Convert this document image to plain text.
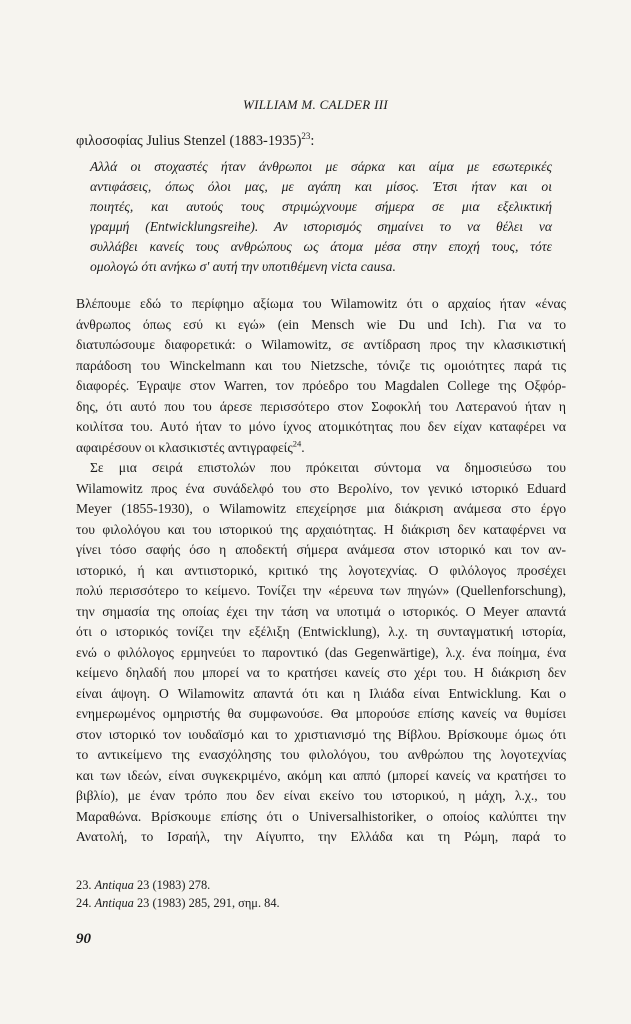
WILLIAM M. CALDER III
φιλοσοφίας Julius Stenzel (1883-1935)$^{23}$:
Αλλά οι στοχαστές ήταν άνθρωποι με σάρκα και αίμα με εσωτερικές
αντιφάσεις, όπως όλοι μας, με αγάπη και μίσος. Έτσι ήταν και οι
ποιητές, και αυτούς τους στριμώχνουμε σήμερα σε μια εξελικτική
γραμμή (Entwicklungsreihe). Αν ιστορισμός σημαίνει το να θέλει να
συλλάβει κανείς τους ανθρώπους ως άτομα μέσα στην εποχή τους, τότε
ομολογώ ότι ανήκω σ' αυτή την υποτιθέμενη victa causa.
Βλέπουμε εδώ το περίφημο αξίωμα του Wilamowitz ότι ο αρχαίος ήταν «ένας
άνθρωπος όπως εσύ κι εγώ» (ein Mensch wie Du und Ich). Για να το
διατυπώσουμε διαφορετικά: ο Wilamowitz, σε αντίδραση προς την κλασικιστική
παράδοση του Winckelmann και του Nietzsche, τόνιζε τις ομοιότητες παρά τις
διαφορές. Έγραψε στον Warren, τον πρόεδρο του Magdalen College της Οξφόρ-
δης, ότι αυτό που του άρεσε περισσότερο στον Σοφοκλή του Λατερανού ήταν η
κοιλίτσα του. Αυτό ήταν το μόνο ίχνος ατομικότητας που δεν είχαν καταφέρει να
αφαιρέσουν οι κλασικιστές αντιγραφείς$^{24}$.
Σε μια σειρά επιστολών που πρόκειται σύντομα να δημοσιεύσω του
Wilamowitz προς ένα συνάδελφό του στο Βερολίνο, τον γενικό ιστορικό Eduard
Meyer (1855-1930), ο Wilamowitz επεχείρησε μια διάκριση ανάμεσα στο έργο
του φιλολόγου και του ιστορικού της αρχαιότητας. Η διάκριση δεν καταφέρνει να
γίνει τόσο σαφής όσο η αποδεκτή σήμερα ανάμεσα στον ιστορικό και τον αν-
ιστορικό, ή και αντιιστορικό, κριτικό της λογοτεχνίας. Ο φιλόλογος προσέχει
πολύ περισσότερο το κείμενο. Τονίζει την «έρευνα των πηγών» (Quellenforschung),
την σημασία της οποίας έχει την τάση να υποτιμά ο ιστορικός. Ο Meyer απαντά
ότι ο ιστορικός τονίζει την εξέλιξη (Entwicklung), λ.χ. τη συνταγματική ιστορία,
ενώ ο φιλόλογος ερμηνεύει το παροντικό (das Gegenwärtige), λ.χ. ένα ποίημα, ένα
κείμενο δηλαδή που μπορεί να το κρατήσει κανείς στο χέρι του. Η διάκριση δεν
είναι άψογη. Ο Wilamowitz απαντά ότι και η Ιλιάδα είναι Entwicklung. Και ο
ενημερωμένος ομηριστής θα συμφωνούσε. Θα μπορούσε επίσης κανείς να θυμίσει
στον ιστορικό τον ιουδαϊσμό και το χριστιανισμό της Βίβλου. Βρίσκουμε όμως ότι
το αντικείμενο της ενασχόλησης του φιλολόγου, του ανθρώπου της λογοτεχνίας
και των ιδεών, είναι συγκεκριμένο, ακόμη και αππό (μπορεί κανείς να κρατήσει το
βιβλίο), με έναν τρόπο που δεν είναι εκείνο του ιστορικού, η μάχη, λ.χ., του
Μαραθώνα. Βρίσκουμε επίσης ότι ο Universalhistoriker, ο οποίος καλύπτει την
Ανατολή, το Ισραήλ, την Αίγυπτο, την Ελλάδα και τη Ρώμη, παρά το
23. Antiqua 23 (1983) 278.
24. Antiqua 23 (1983) 285, 291, σημ. 84.
90
